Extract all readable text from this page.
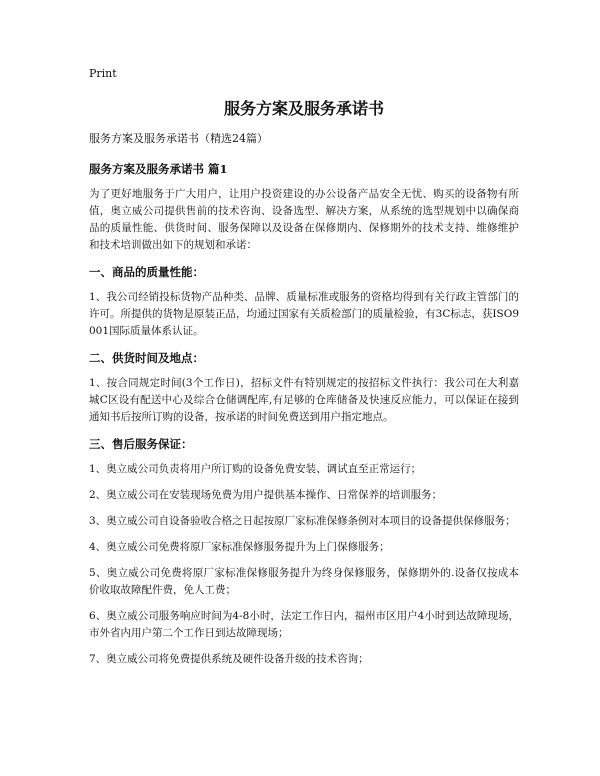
Print
服务方案及服务承诺书
服务方案及服务承诺书（精选24篇）
服务方案及服务承诺书 篇1

为了更好地服务于广大用户，让用户投资建设的办公设备产品安全无忧、购买的设备物有所值，奥立威公司提供售前的技术咨询、设备选型、解决方案，从系统的选型规划中以确保商品的质量性能、供货时间、服务保障以及设备在保修期内、保修期外的技术支持、维修维护和技术培训做出如下的规划和承诺：

一、商品的质量性能：

1、我公司经销投标货物产品种类、品牌、质量标准或服务的资格均得到有关行政主管部门的许可。所提供的货物是原装正品，均通过国家有关质检部门的质量检验，有3C标志，获ISO9001国际质量体系认证。

二、供货时间及地点：

1、按合同规定时间(3个工作日)，招标文件有特别规定的按招标文件执行：我公司在大利嘉城C区设有配送中心及综合仓储调配库,有足够的仓库储备及快速反应能力，可以保证在接到通知书后按所订购的设备，按承诺的时间免费送到用户指定地点。

三、售后服务保证：

1、奥立威公司负责将用户所订购的设备免费安装、调试直至正常运行；

2、奥立威公司在安装现场免费为用户提供基本操作、日常保养的培训服务；

3、奥立威公司自设备验收合格之日起按原厂家标准保修条例对本项目的设备提供保修服务；

4、奥立威公司免费将原厂家标准保修服务提升为上门保修服务；

5、奥立威公司免费将原厂家标准保修服务提升为终身保修服务，保修期外的.设备仅按成本价收取故障配件费，免人工费；

6、奥立威公司服务响应时间为4-8小时，法定工作日内，福州市区用户4小时到达故障现场，市外省内用户第二个工作日到达故障现场；

7、奥立威公司将免费提供系统及硬件设备升级的技术咨询；
